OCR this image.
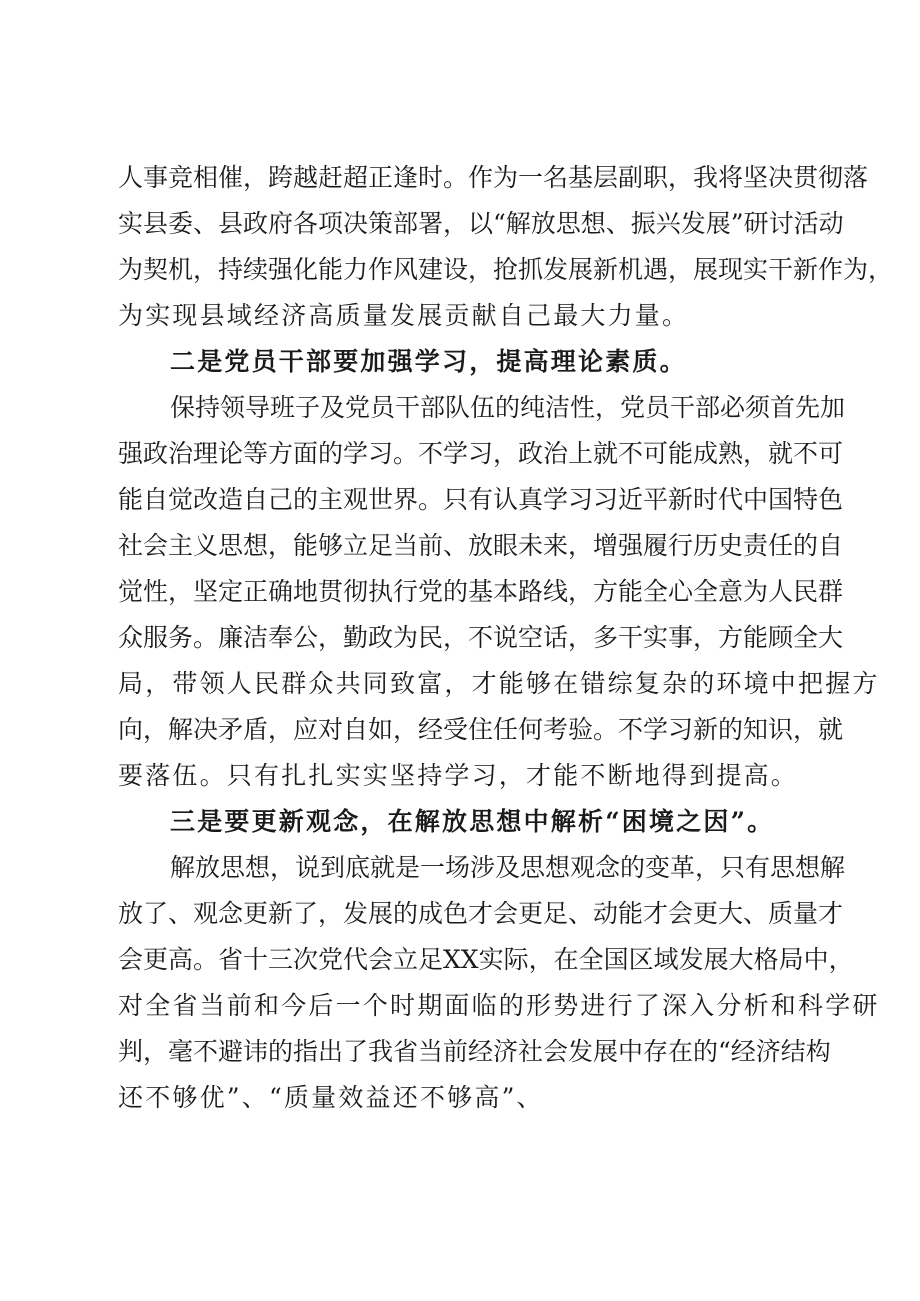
人事竞相催，跨越赶超正逢时。作为一名基层副职，我将坚决贯彻落
实县委、县政府各项决策部署，以“解放思想、振兴发展”研讨活动
为契机，持续强化能力作风建设，抢抓发展新机遇，展现实干新作为，
为实现县域经济高质量发展贡献自己最大力量。
二是党员干部要加强学习，提高理论素质。
保持领导班子及党员干部队伍的纯洁性，党员干部必须首先加
强政治理论等方面的学习。不学习，政治上就不可能成熟，就不可
能自觉改造自己的主观世界。只有认真学习习近平新时代中国特色
社会主义思想，能够立足当前、放眼未来，增强履行历史责任的自
觉性，坚定正确地贯彻执行党的基本路线，方能全心全意为人民群
众服务。廉洁奉公，勤政为民，不说空话，多干实事，方能顾全大
局，带领人民群众共同致富，才能够在错综复杂的环境中把握方
向，解决矛盾，应对自如，经受住任何考验。不学习新的知识，就
要落伍。只有扎扎实实坚持学习，才能不断地得到提高。
三是要更新观念，在解放思想中解析“困境之因”。
解放思想，说到底就是一场涉及思想观念的变革，只有思想解
放了、观念更新了，发展的成色才会更足、动能才会更大、质量才
会更高。省十三次党代会立足XX实际，在全国区域发展大格局中，
对全省当前和今后一个时期面临的形势进行了深入分析和科学研
判，毫不避讳的指出了我省当前经济社会发展中存在的“经济结构
还不够优”、“质量效益还不够高”、
